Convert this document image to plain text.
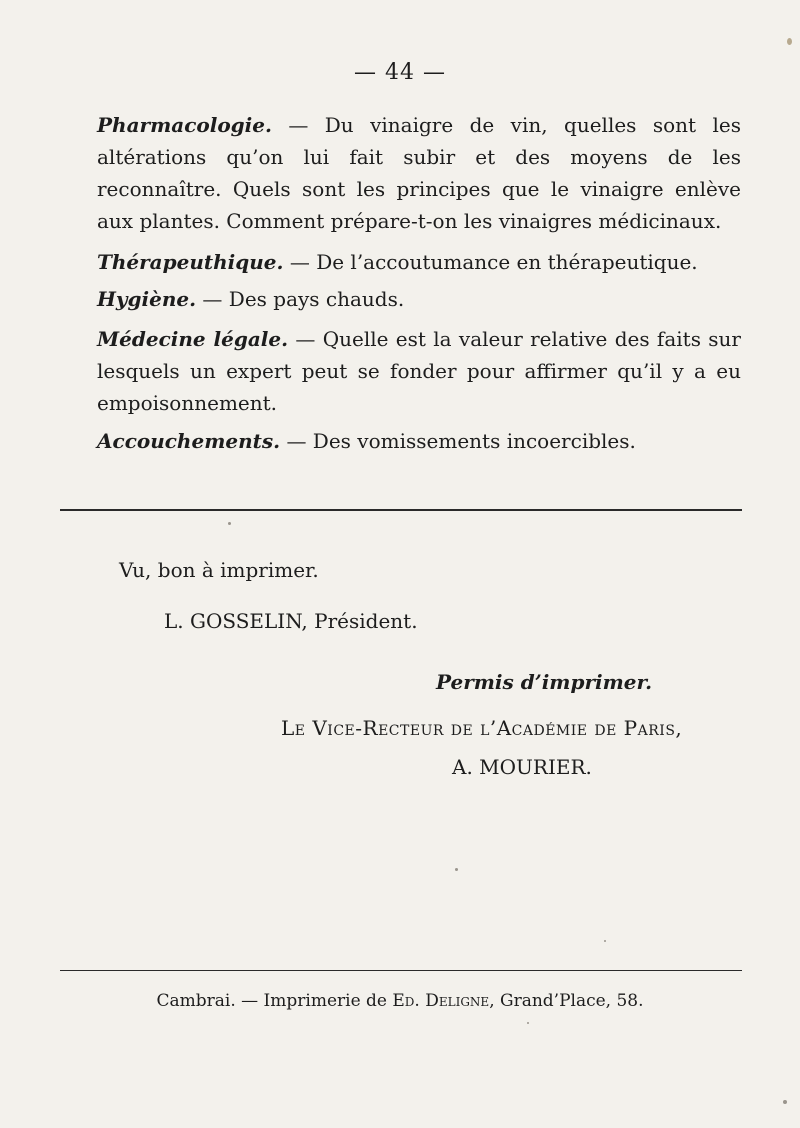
— 44 —
Pharmacologie. — Du vinaigre de vin, quelles sont les altérations qu’on lui fait subir et des moyens de les reconnaître. Quels sont les principes que le vinaigre enlève aux plantes. Comment prépare-t-on les vinaigres médicinaux.
Thérapeuthique. — De l’accoutumance en thérapeutique.
Hygiène. — Des pays chauds.
Médecine légale. — Quelle est la valeur relative des faits sur lesquels un expert peut se fonder pour affirmer qu’il y a eu empoisonnement.
Accouchements. — Des vomissements incoercibles.
Vu, bon à imprimer.
L. GOSSELIN, Président.
Permis d’imprimer.
Le Vice-Recteur de l’Académie de Paris,
A. MOURIER.
Cambrai. — Imprimerie de Ed. Deligne, Grand’Place, 58.
